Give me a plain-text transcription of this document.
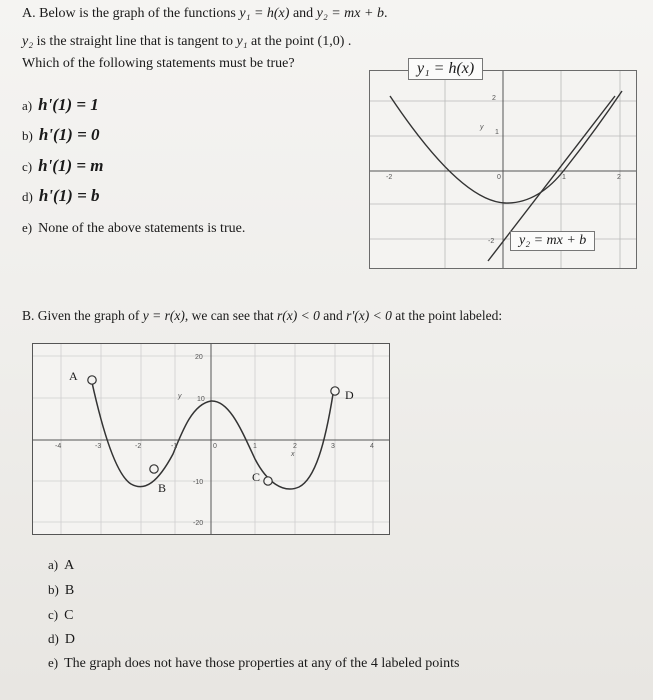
A. Below is the graph of the functions y₁ = h(x) and y₂ = mx + b.
y₂ is the straight line that is tangent to y₁ at the point (1,0) .
Which of the following statements must be true?
a) h'(1) = 1
b) h'(1) = 0
c) h'(1) = m
d) h'(1) = b
e) None of the above statements is true.
-2	0	1	2
2
1
-2
y
y₁ = h(x)
y₂ = mx + b
B. Given the graph of y = r(x), we can see that r(x) < 0 and r'(x) < 0 at the point labeled:
A
B
C
D
-4	-3	-2	-1	0	1	2	3	4
20
10
-10
-20
y
x
a) A
b) B
c) C
d) D
e) The graph does not have those properties at any of the 4 labeled points
